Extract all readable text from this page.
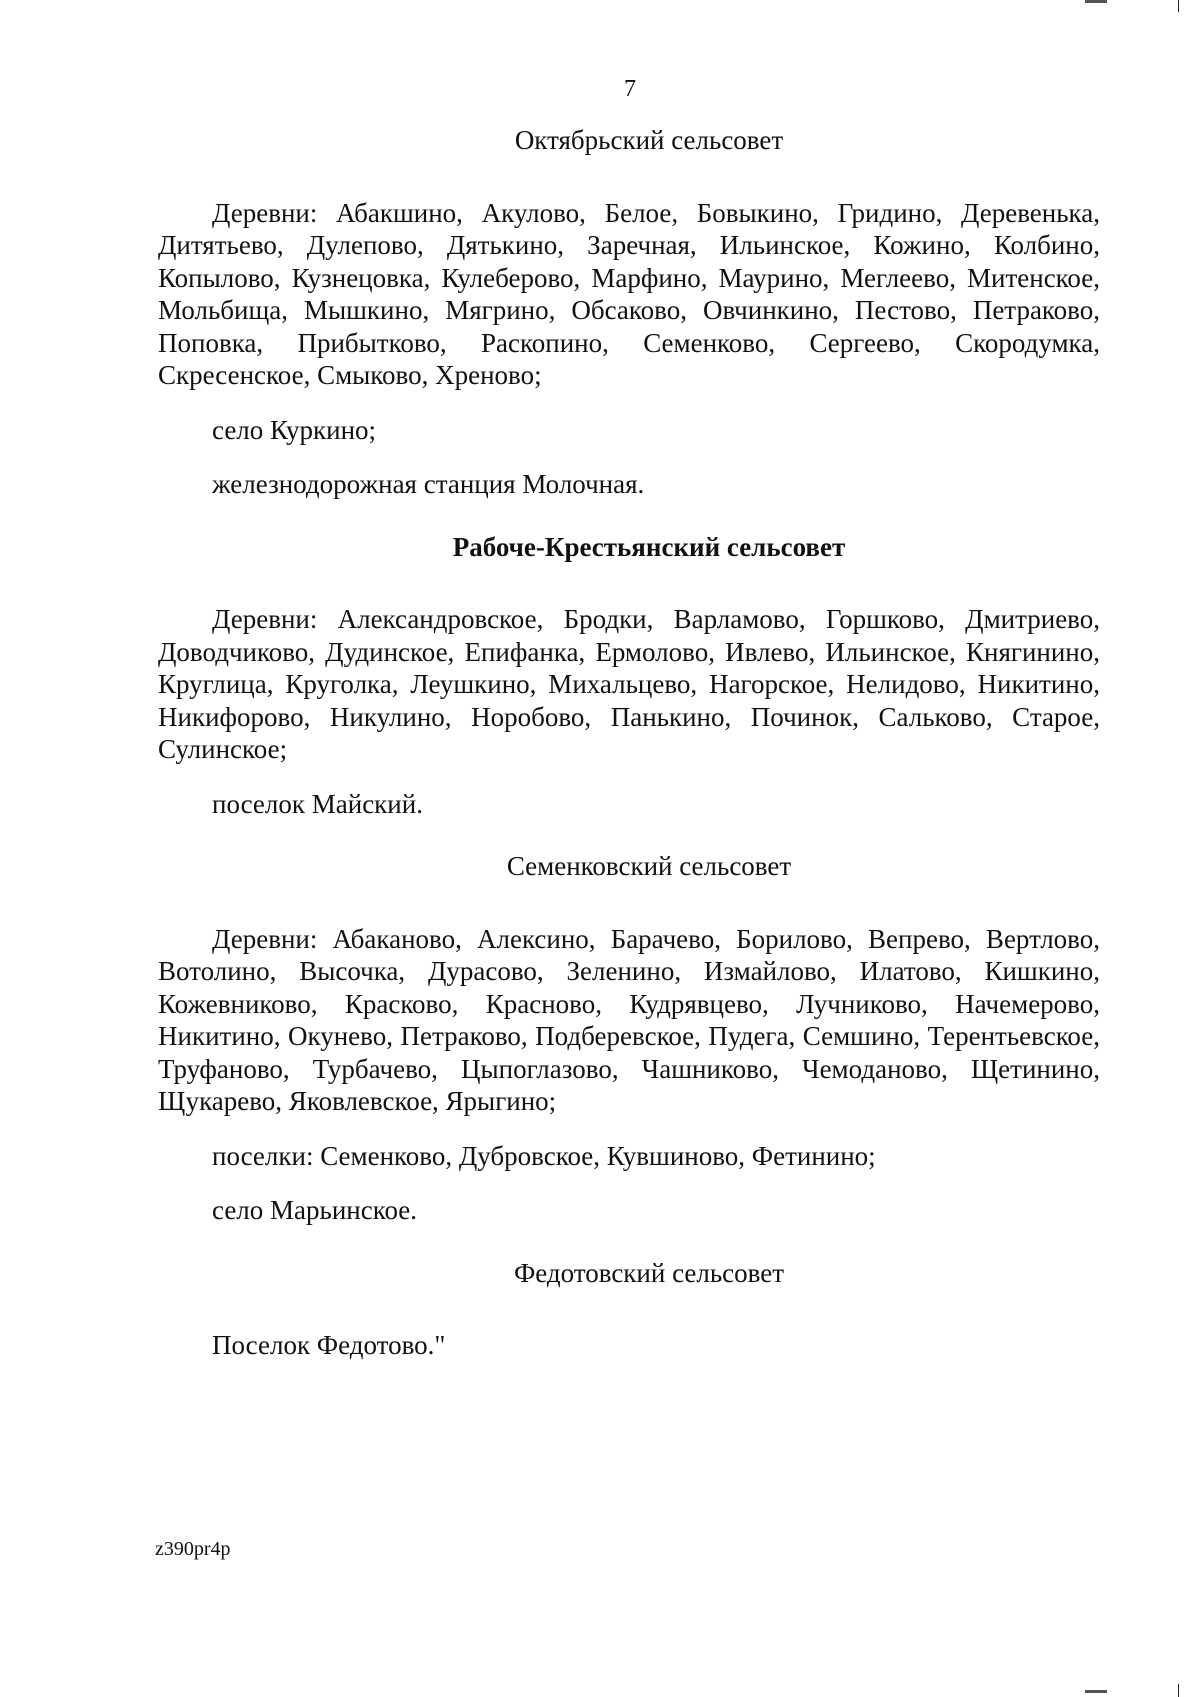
7

Октябрьский сельсовет

Деревни: Абакшино, Акулово, Белое, Бовыкино, Гридино, Деревенька, Дитятьево, Дулепово, Дятькино, Заречная, Ильинское, Кожино, Колбино, Копылово, Кузнецовка, Кулеберово, Марфино, Маурино, Меглеево, Митенское, Мольбища, Мышкино, Мягрино, Обсаково, Овчинкино, Пестово, Петраково, Поповка, Прибытково, Раскопино, Семенково, Сергеево, Скородумка, Скресенское, Смыково, Хреново;

село Куркино;

железнодорожная станция Молочная.

Рабоче-Крестьянский сельсовет

Деревни: Александровское, Бродки, Варламово, Горшково, Дмитриево, Доводчиково, Дудинское, Епифанка, Ермолово, Ивлево, Ильинское, Княгинино, Круглица, Круголка, Леушкино, Михальцево, Нагорское, Нелидово, Никитино, Никифорово, Никулино, Норобово, Панькино, Починок, Сальково, Старое, Сулинское;

поселок Майский.

Семенковский сельсовет

Деревни: Абаканово, Алексино, Барачево, Борилово, Вепрево, Вертлово, Вотолино, Высочка, Дурасово, Зеленино, Измайлово, Илатово, Кишкино, Кожевниково, Красково, Красново, Кудрявцево, Лучниково, Начемерово, Никитино, Окунево, Петраково, Подберевское, Пудега, Семшино, Терентьевское, Труфаново, Турбачево, Цыпоглазово, Чашниково, Чемоданово, Щетинино, Щукарево, Яковлевское, Ярыгино;

поселки: Семенково, Дубровское, Кувшиново, Фетинино;

село Марьинское.

Федотовский сельсовет

Поселок Федотово."

z390pr4p
